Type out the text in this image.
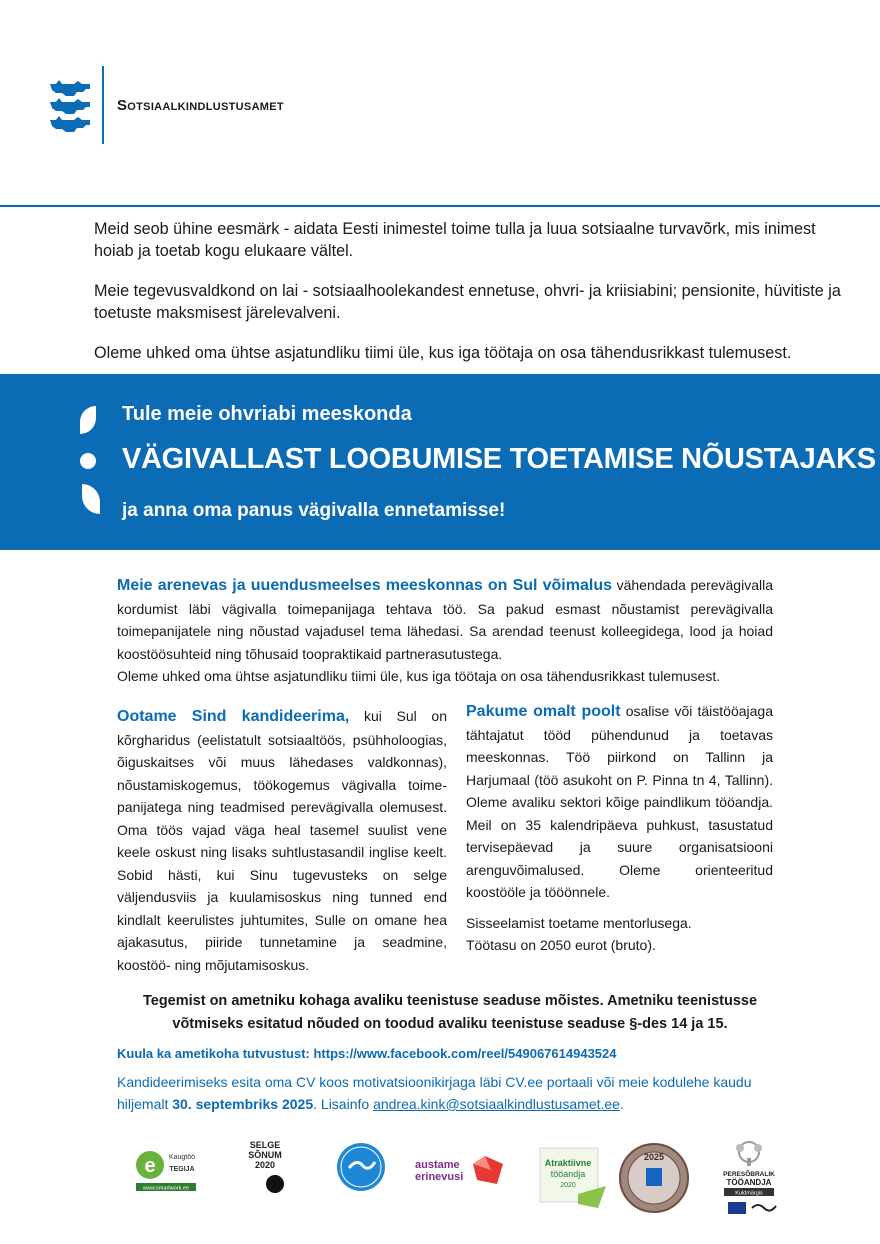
Sotsiaalkindlustusamet
Meid seob ühine eesmärk - aidata Eesti inimestel toime tulla ja luua sotsiaalne turvavõrk, mis inimest hoiab ja toetab kogu elukaare vältel.
Meie tegevusvaldkond on lai - sotsiaalhoolekandest ennetuse, ohvri- ja kriisiabini; pensionite, hüvitiste ja toetuste maksmisest järelevalveni.
Oleme uhked oma ühtse asjatundliku tiimi üle, kus iga töötaja on osa tähendusrikkast tulemusest.
Tule meie ohvriabi meeskonda
VÄGIVALLAST LOOBUMISE TOETAMISE NÕUSTAJAKS
ja anna oma panus vägivalla ennetamisse!
Meie arenevas ja uuendusmeelses meeskonnas on Sul võimalus vähendada perevägivalla kordumist läbi vägivalla toimepanijaga tehtava töö. Sa pakud esmast nõustamist perevägivalla toimepanijatele ning nõustad vajadusel tema lähedasi. Sa arendad teenust kolleegidega, lood ja hoiad koostöösuhteid ning tõhusaid toopraktikaid partnerasutustega.
Oleme uhked oma ühtse asjatundliku tiimi üle, kus iga töötaja on osa tähendusrikkast tulemusest.
Ootame Sind kandideerima, kui Sul on kõrgharidus (eelistatult sotsiaaltöös, psühholoogias, õiguskaitses või muus lähedases valdkonnas), nõustamiskogemus, töökogemus vägivalla toime-panijatega ning teadmised perevägivalla olemusest. Oma töös vajad väga heal tasemel suulist vene keele oskust ning lisaks suhtlustasandil inglise keelt. Sobid hästi, kui Sinu tugevusteks on selge väljendusviis ja kuulamisoskus ning tunned end kindlalt keerulistes juhtumites, Sulle on omane hea ajakasutus, piiride tunnetamine ja seadmine, koostöö- ning mõjutamisoskus.
Pakume omalt poolt osalise või täistööajaga tähtajatut tööd pühendunud ja toetavas meeskonnas. Töö piirkond on Tallinn ja Harjumaal (töö asukoht on P. Pinna tn 4, Tallinn). Oleme avaliku sektori kõige paindlikum tööandja. Meil on 35 kalendripäeva puhkust, tasustatud tervisepäevad ja suure organisatsiooni arenguvõimalused. Oleme orienteeritud koostööle ja tööönnele.
Sisseelamist toetame mentorlusega.
Töötasu on 2050 eurot (bruto).
Tegemist on ametniku kohaga avaliku teenistuse seaduse mõistes. Ametniku teenistusse võtmiseks esitatud nõuded on toodud avaliku teenistuse seaduse §-des 14 ja 15.
Kuula ka ametikoha tutvustust: https://www.facebook.com/reel/549067614943524
Kandideerimiseks esita oma CV koos motivatsioonikirjaga läbi CV.ee portaali või meie kodulehe kaudu hiljemalt 30. septembriks 2025. Lisainfo andrea.kink@sotsiaalkindlustusamet.ee.
e Kaugtöö
TEGIJA
www.smartwork.ee
SELGE
SÕNUM
2020	austame
erinevusi
Atraktiivne
tööandja
2020
2025
PERESÕBRALIK
TÖÖANDJA
Kuldmärgis
